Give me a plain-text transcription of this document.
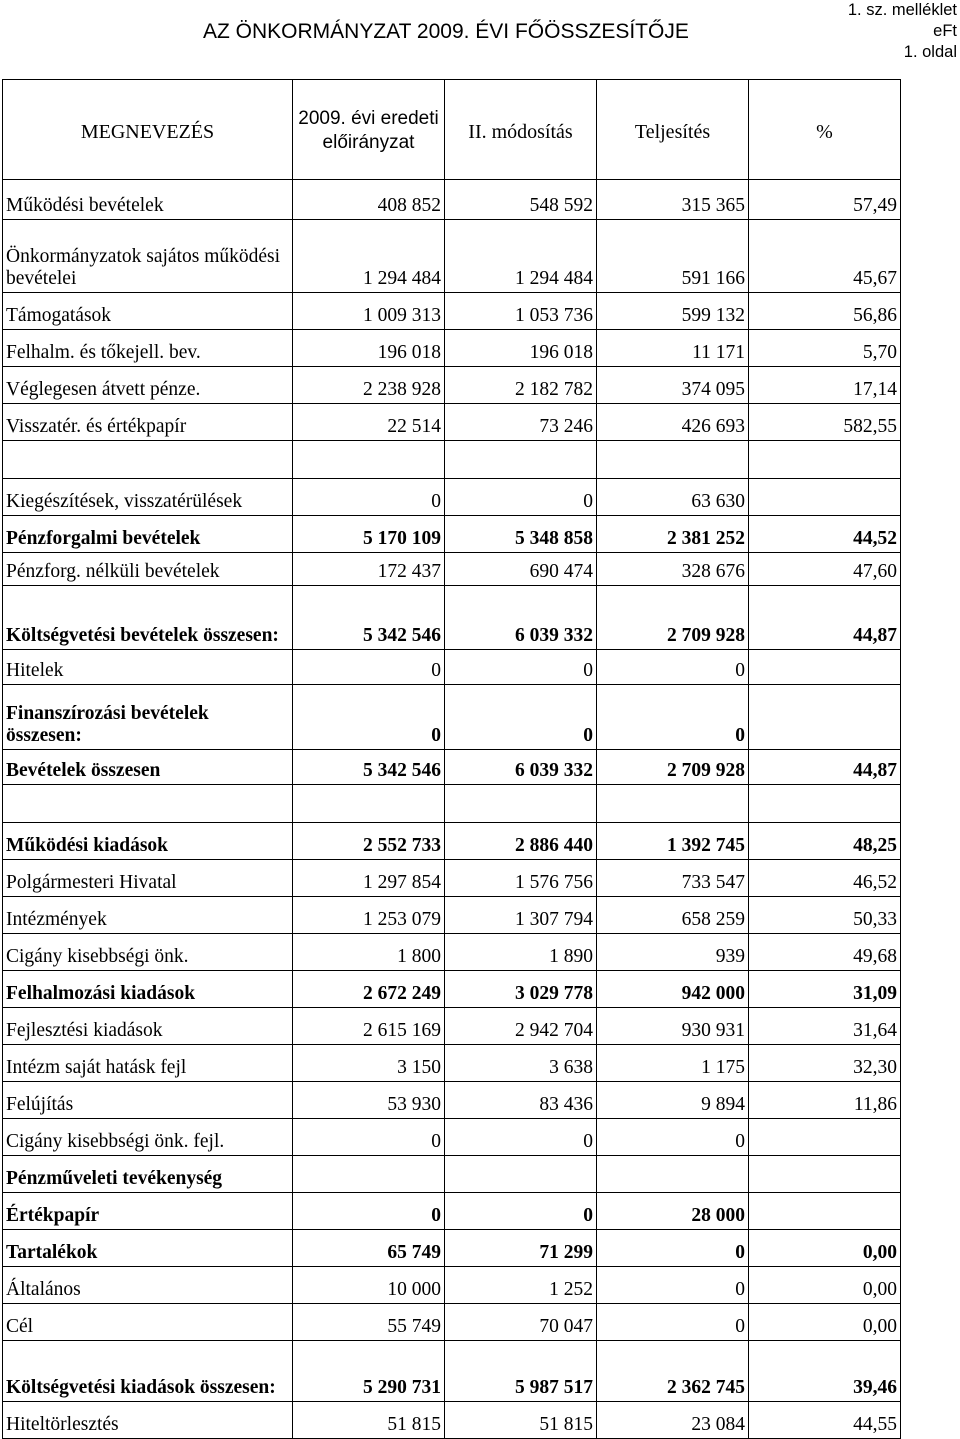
AZ ÖNKORMÁNYZAT 2009. ÉVI FŐÖSSZESÍTŐJE
1. sz. melléklet
eFt
1. oldal
MEGNEVEZÉS	2009. évi eredeti előirányzat	II. módosítás	Teljesítés	%
Működési bevételek	408 852	548 592	315 365	57,49
Önkormányzatok sajátos működési bevételei	1 294 484	1 294 484	591 166	45,67
Támogatások	1 009 313	1 053 736	599 132	56,86
Felhalm. és tőkejell. bev.	196 018	196 018	11 171	5,70
Véglegesen átvett pénze.	2 238 928	2 182 782	374 095	17,14
Visszatér. és értékpapír	22 514	73 246	426 693	582,55

Kiegészítések, visszatérülések	0	0	63 630	
Pénzforgalmi bevételek	5 170 109	5 348 858	2 381 252	44,52
Pénzforg. nélküli bevételek	172 437	690 474	328 676	47,60
Költségvetési bevételek összesen:	5 342 546	6 039 332	2 709 928	44,87
Hitelek	0	0	0	
Finanszírozási bevételek összesen:	0	0	0	
Bevételek összesen	5 342 546	6 039 332	2 709 928	44,87

Működési kiadások	2 552 733	2 886 440	1 392 745	48,25
Polgármesteri Hivatal	1 297 854	1 576 756	733 547	46,52
Intézmények	1 253 079	1 307 794	658 259	50,33
Cigány kisebbségi önk.	1 800	1 890	939	49,68
Felhalmozási kiadások	2 672 249	3 029 778	942 000	31,09
Fejlesztési kiadások	2 615 169	2 942 704	930 931	31,64
Intézm saját hatásk fejl	3 150	3 638	1 175	32,30
Felújítás	53 930	83 436	9 894	11,86
Cigány kisebbségi önk. fejl.	0	0	0	
Pénzműveleti tevékenység				
Értékpapír	0	0	28 000	
Tartalékok	65 749	71 299	0	0,00
Általános	10 000	1 252	0	0,00
Cél	55 749	70 047	0	0,00
Költségvetési kiadások összesen:	5 290 731	5 987 517	2 362 745	39,46
Hiteltörlesztés	51 815	51 815	23 084	44,55
